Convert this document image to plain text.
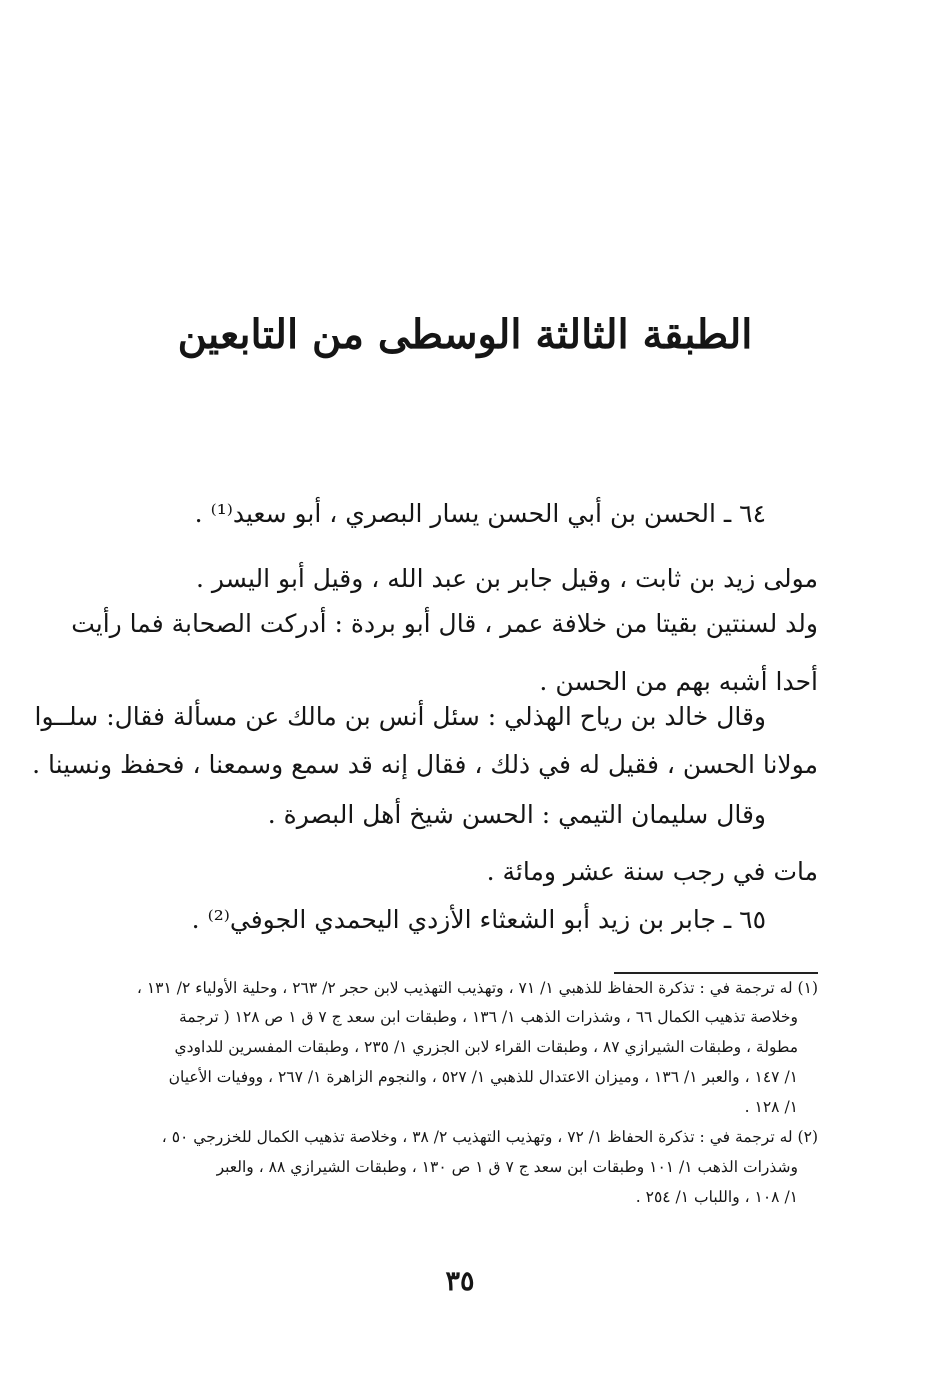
الطبقة الثالثة الوسطى من التابعين

٦٤ ـ الحسن بن أبي الحسن يسار البصري ، أبو سعيد⁽¹⁾ .

مولى زيد بن ثابت ، وقيل جابر بن عبد الله ، وقيل أبو اليسر .

ولد لسنتين بقيتا من خلافة عمر ، قال أبو بردة : أدركت الصحابة فما رأيت

أحدا أشبه بهم من الحسن .

وقال خالد بن رياح الهذلي : سئل أنس بن مالك عن مسألة فقال: سلــوا

مولانا الحسن ، فقيل له في ذلك ، فقال إنه قد سمع وسمعنا ، فحفظ ونسينا .

وقال سليمان التيمي : الحسن شيخ أهل البصرة .

مات في رجب سنة عشر ومائة .

٦٥ ـ جابر بن زيد أبو الشعثاء الأزدي اليحمدي الجوفي⁽²⁾ .

(١) له ترجمة في : تذكرة الحفاظ للذهبي ١/ ٧١ ، وتهذيب التهذيب لابن حجر ٢/ ٢٦٣ ، وحلية الأولياء ٢/ ١٣١ ،

وخلاصة تذهيب الكمال ٦٦ ، وشذرات الذهب ١/ ١٣٦ ، وطبقات ابن سعد ج ٧ ق ١ ص ١٢٨ ( ترجمة

مطولة ، وطبقات الشيرازي ٨٧ ، وطبقات القراء لابن الجزري ١/ ٢٣٥ ، وطبقات المفسرين للداودي

١/ ١٤٧ ، والعبر ١/ ١٣٦ ، وميزان الاعتدال للذهبي ١/ ٥٢٧ ، والنجوم الزاهرة ١/ ٢٦٧ ، ووفيات الأعيان

١/ ١٢٨ .

(٢) له ترجمة في : تذكرة الحفاظ ١/ ٧٢ ، وتهذيب التهذيب ٢/ ٣٨ ، وخلاصة تذهيب الكمال للخزرجي ٥٠ ،

وشذرات الذهب ١/ ١٠١ وطبقات ابن سعد ج ٧ ق ١ ص ١٣٠ ، وطبقات الشيرازي ٨٨ ، والعبر

١/ ١٠٨ ، واللباب ١/ ٢٥٤ .

٣٥
